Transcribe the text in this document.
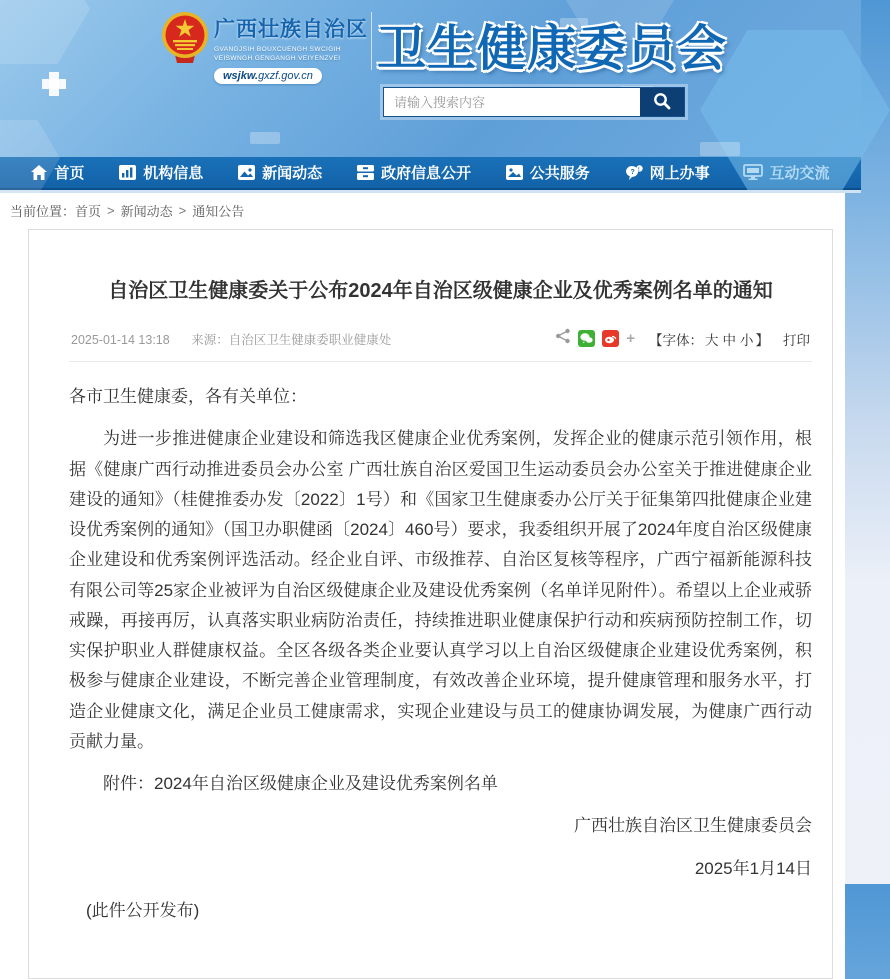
广西壮族自治区
GVANGJSIH BOUXCUENGH SWCIGIH
VEISWNGH GENGANGH VEIYENZVEI
wsjkw.gxzf.gov.cn	卫生健康委员会
请输入搜索内容
首页	机构信息	新闻动态	政府信息公开	公共服务	? ! 网上办事
当前位置： 首页 > 新闻动态 > 通知公告
自治区卫生健康委关于公布2024年自治区级健康企业及优秀案例名单的通知
2025-01-14 13:18 来源：自治区卫生健康委职业健康处	+ 【字体： 大 中 小 】 打印

各市卫生健康委，各有关单位：

为进一步推进健康企业建设和筛选我区健康企业优秀案例，发挥企业的健康示范引领作用，根据《健康广西行动推进委员会办公室 广西壮族自治区爱国卫生运动委员会办公室关于推进健康企业建设的通知》（桂健推委办发〔2022〕1号）和《国家卫生健康委办公厅关于征集第四批健康企业建设优秀案例的通知》（国卫办职健函〔2024〕460号）要求，我委组织开展了2024年度自治区级健康企业建设和优秀案例评选活动。经企业自评、市级推荐、自治区复核等程序，广西宁福新能源科技有限公司等25家企业被评为自治区级健康企业及建设优秀案例（名单详见附件）。希望以上企业戒骄戒躁，再接再厉，认真落实职业病防治责任，持续推进职业健康保护行动和疾病预防控制工作，切实保护职业人群健康权益。全区各级各类企业要认真学习以上自治区级健康企业建设优秀案例，积极参与健康企业建设，不断完善企业管理制度，有效改善企业环境，提升健康管理和服务水平，打造企业健康文化，满足企业员工健康需求，实现企业建设与员工的健康协调发展，为健康广西行动贡献力量。

附件：2024年自治区级健康企业及建设优秀案例名单

广西壮族自治区卫生健康委员会

2025年1月14日

(此件公开发布)
